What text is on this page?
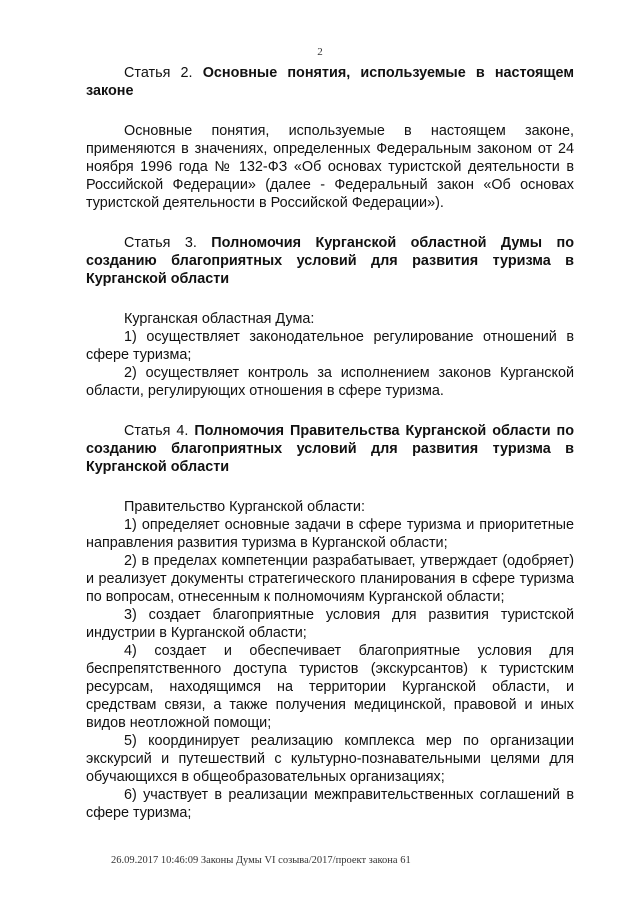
2

Статья 2. Основные понятия, используемые в настоящем законе

Основные понятия, используемые в настоящем законе, применяются в значениях, определенных Федеральным законом от 24 ноября 1996 года № 132-ФЗ «Об основах туристской деятельности в Российской Федерации» (далее - Федеральный закон «Об основах туристской деятельности в Российской Федерации»).

Статья 3. Полномочия Курганской областной Думы по созданию благоприятных условий для развития туризма в Курганской области

Курганская областная Дума:

1) осуществляет законодательное регулирование отношений в сфере туризма;
2) осуществляет контроль за исполнением законов Курганской области, регулирующих отношения в сфере туризма.

Статья 4. Полномочия Правительства Курганской области по созданию благоприятных условий для развития туризма в Курганской области

Правительство Курганской области:

1) определяет основные задачи в сфере туризма и приоритетные направления развития туризма в Курганской области;
2) в пределах компетенции разрабатывает, утверждает (одобряет) и реализует документы стратегического планирования в сфере туризма по вопросам, отнесенным к полномочиям Курганской области;
3) создает благоприятные условия для развития туристской индустрии в Курганской области;
4) создает и обеспечивает благоприятные условия для беспрепятственного доступа туристов (экскурсантов) к туристским ресурсам, находящимся на территории Курганской области, и средствам связи, а также получения медицинской, правовой и иных видов неотложной помощи;
5) координирует реализацию комплекса мер по организации экскурсий и путешествий с культурно-познавательными целями для обучающихся в общеобразовательных организациях;
6) участвует в реализации межправительственных соглашений в сфере туризма;
26.09.2017 10:46:09 Законы Думы VI созыва/2017/проект закона 61
